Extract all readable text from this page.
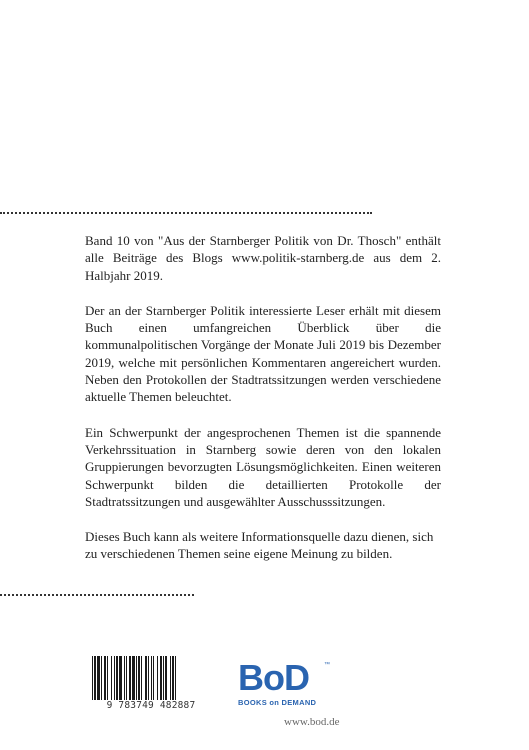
Band 10 von "Aus der Starnberger Politik von Dr. Thosch" enthält alle Beiträge des Blogs www.politik-starnberg.de aus dem 2. Halbjahr 2019.

Der an der Starnberger Politik interessierte Leser erhält mit diesem Buch einen umfangreichen Überblick über die kommunalpolitischen Vorgänge der Monate Juli 2019 bis Dezember 2019, welche mit persönlichen Kommentaren angereichert wurden. Neben den Protokollen der Stadtratssitzungen werden verschiedene aktuelle Themen beleuchtet.

Ein Schwerpunkt der angesprochenen Themen ist die spannende Verkehrssituation in Starnberg sowie deren von den lokalen Gruppierungen bevorzugten Lösungsmöglichkeiten. Einen weiteren Schwerpunkt bilden die detaillierten Protokolle der Stadtratssitzungen und ausgewählter Ausschusssitzungen.

Dieses Buch kann als weitere Informationsquelle dazu dienen, sich zu verschiedenen Themen seine eigene Meinung zu bilden.

9 783749 482887
BoD	™
BOOKS on DEMAND
www.bod.de
